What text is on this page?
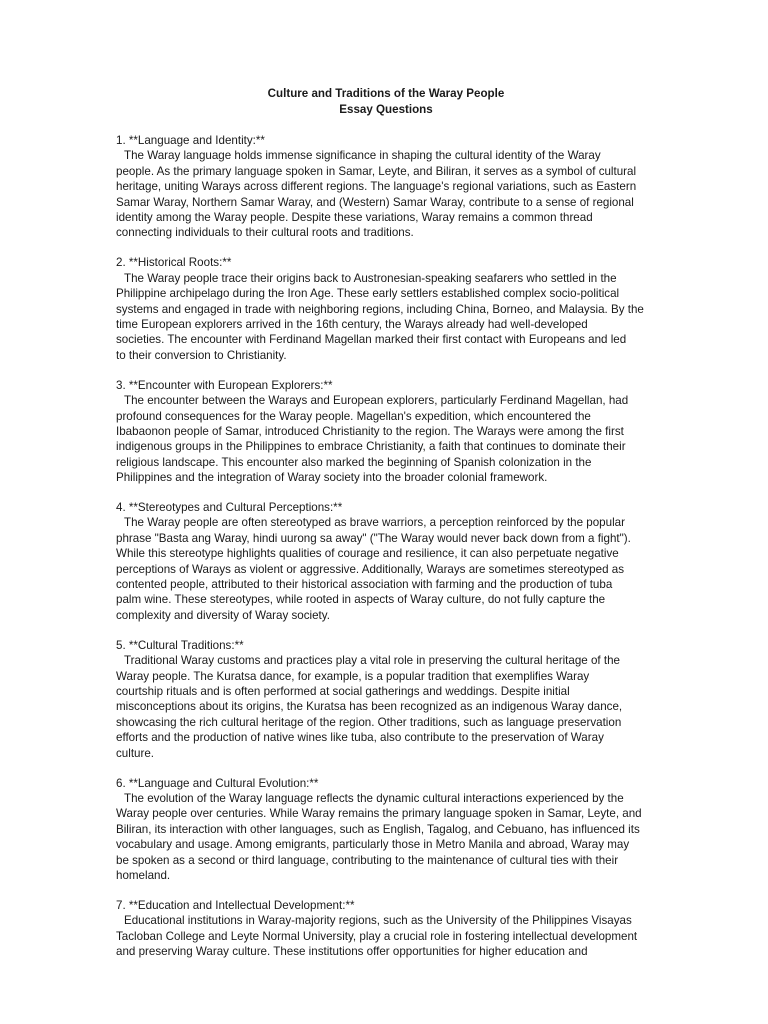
Culture and Traditions of the Waray People
Essay Questions
1. **Language and Identity:**
The Waray language holds immense significance in shaping the cultural identity of the Waray
people. As the primary language spoken in Samar, Leyte, and Biliran, it serves as a symbol of cultural
heritage, uniting Warays across different regions. The language's regional variations, such as Eastern
Samar Waray, Northern Samar Waray, and (Western) Samar Waray, contribute to a sense of regional
identity among the Waray people. Despite these variations, Waray remains a common thread
connecting individuals to their cultural roots and traditions.
2. **Historical Roots:**
The Waray people trace their origins back to Austronesian-speaking seafarers who settled in the
Philippine archipelago during the Iron Age. These early settlers established complex socio-political
systems and engaged in trade with neighboring regions, including China, Borneo, and Malaysia. By the
time European explorers arrived in the 16th century, the Warays already had well-developed
societies. The encounter with Ferdinand Magellan marked their first contact with Europeans and led
to their conversion to Christianity.
3. **Encounter with European Explorers:**
The encounter between the Warays and European explorers, particularly Ferdinand Magellan, had
profound consequences for the Waray people. Magellan's expedition, which encountered the
Ibabaonon people of Samar, introduced Christianity to the region. The Warays were among the first
indigenous groups in the Philippines to embrace Christianity, a faith that continues to dominate their
religious landscape. This encounter also marked the beginning of Spanish colonization in the
Philippines and the integration of Waray society into the broader colonial framework.
4. **Stereotypes and Cultural Perceptions:**
The Waray people are often stereotyped as brave warriors, a perception reinforced by the popular
phrase "Basta ang Waray, hindi uurong sa away" ("The Waray would never back down from a fight").
While this stereotype highlights qualities of courage and resilience, it can also perpetuate negative
perceptions of Warays as violent or aggressive. Additionally, Warays are sometimes stereotyped as
contented people, attributed to their historical association with farming and the production of tuba
palm wine. These stereotypes, while rooted in aspects of Waray culture, do not fully capture the
complexity and diversity of Waray society.
5. **Cultural Traditions:**
Traditional Waray customs and practices play a vital role in preserving the cultural heritage of the
Waray people. The Kuratsa dance, for example, is a popular tradition that exemplifies Waray
courtship rituals and is often performed at social gatherings and weddings. Despite initial
misconceptions about its origins, the Kuratsa has been recognized as an indigenous Waray dance,
showcasing the rich cultural heritage of the region. Other traditions, such as language preservation
efforts and the production of native wines like tuba, also contribute to the preservation of Waray
culture.
6. **Language and Cultural Evolution:**
The evolution of the Waray language reflects the dynamic cultural interactions experienced by the
Waray people over centuries. While Waray remains the primary language spoken in Samar, Leyte, and
Biliran, its interaction with other languages, such as English, Tagalog, and Cebuano, has influenced its
vocabulary and usage. Among emigrants, particularly those in Metro Manila and abroad, Waray may
be spoken as a second or third language, contributing to the maintenance of cultural ties with their
homeland.
7. **Education and Intellectual Development:**
Educational institutions in Waray-majority regions, such as the University of the Philippines Visayas
Tacloban College and Leyte Normal University, play a crucial role in fostering intellectual development
and preserving Waray culture. These institutions offer opportunities for higher education and
